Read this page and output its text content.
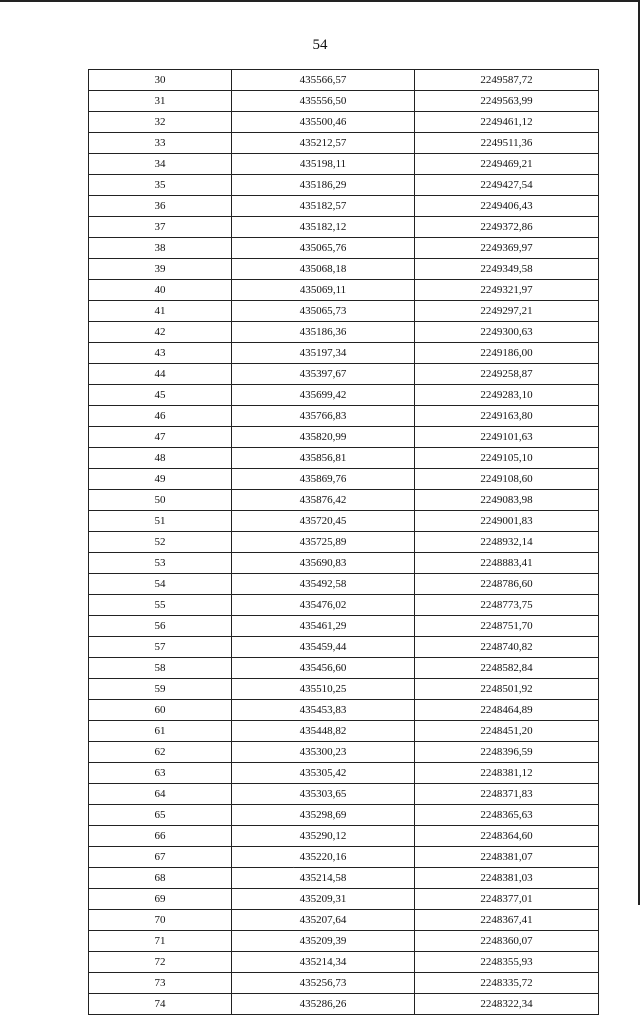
54
30	435566,57	2249587,72
31	435556,50	2249563,99
32	435500,46	2249461,12
33	435212,57	2249511,36
34	435198,11	2249469,21
35	435186,29	2249427,54
36	435182,57	2249406,43
37	435182,12	2249372,86
38	435065,76	2249369,97
39	435068,18	2249349,58
40	435069,11	2249321,97
41	435065,73	2249297,21
42	435186,36	2249300,63
43	435197,34	2249186,00
44	435397,67	2249258,87
45	435699,42	2249283,10
46	435766,83	2249163,80
47	435820,99	2249101,63
48	435856,81	2249105,10
49	435869,76	2249108,60
50	435876,42	2249083,98
51	435720,45	2249001,83
52	435725,89	2248932,14
53	435690,83	2248883,41
54	435492,58	2248786,60
55	435476,02	2248773,75
56	435461,29	2248751,70
57	435459,44	2248740,82
58	435456,60	2248582,84
59	435510,25	2248501,92
60	435453,83	2248464,89
61	435448,82	2248451,20
62	435300,23	2248396,59
63	435305,42	2248381,12
64	435303,65	2248371,83
65	435298,69	2248365,63
66	435290,12	2248364,60
67	435220,16	2248381,07
68	435214,58	2248381,03
69	435209,31	2248377,01
70	435207,64	2248367,41
71	435209,39	2248360,07
72	435214,34	2248355,93
73	435256,73	2248335,72
74	435286,26	2248322,34
˙
